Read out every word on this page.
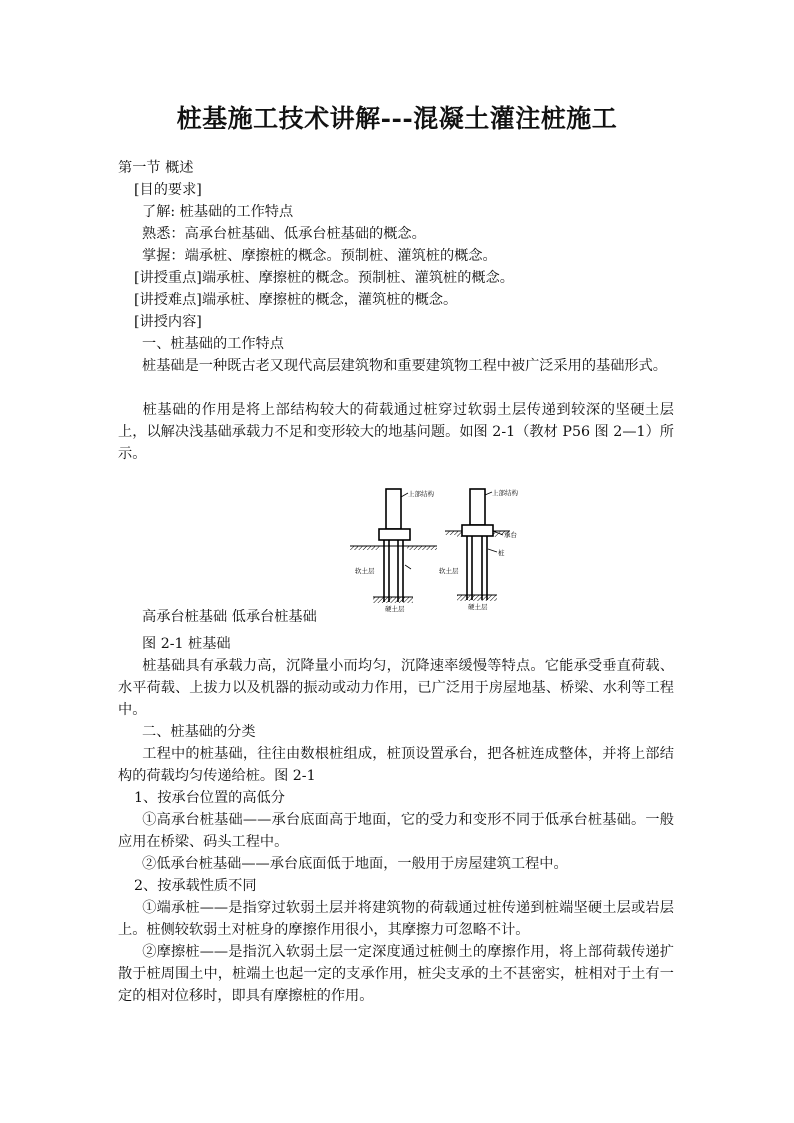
桩基施工技术讲解---混凝土灌注桩施工
第一节 概述
[目的要求]
了解: 桩基础的工作特点
熟悉：高承台桩基础、低承台桩基础的概念。
掌握：端承桩、摩擦桩的概念。预制桩、灌筑桩的概念。
[讲授重点]端承桩、摩擦桩的概念。预制桩、灌筑桩的概念。
[讲授难点]端承桩、摩擦桩的概念，灌筑桩的概念。
[讲授内容]
一、桩基础的工作特点
桩基础是一种既古老又现代高层建筑物和重要建筑物工程中被广泛采用的基础形式。
桩基础的作用是将上部结构较大的荷载通过桩穿过软弱土层传递到较深的坚硬土层上，以解决浅基础承载力不足和变形较大的地基问题。如图 2-1（教材 P56 图 2—1）所示。
上部结构
软土层
硬土层
上部结构
承台
桩
软土层
硬土层
高承台桩基础 低承台桩基础
图 2-1 桩基础
桩基础具有承载力高，沉降量小而均匀，沉降速率缓慢等特点。它能承受垂直荷载、水平荷载、上拔力以及机器的振动或动力作用，已广泛用于房屋地基、桥梁、水利等工程中。
二、桩基础的分类
工程中的桩基础，往往由数根桩组成，桩顶设置承台，把各桩连成整体，并将上部结构的荷载均匀传递给桩。图 2-1
1、按承台位置的高低分
①高承台桩基础——承台底面高于地面，它的受力和变形不同于低承台桩基础。一般应用在桥梁、码头工程中。
②低承台桩基础——承台底面低于地面，一般用于房屋建筑工程中。
2、按承载性质不同
①端承桩——是指穿过软弱土层并将建筑物的荷载通过桩传递到桩端坚硬土层或岩层上。桩侧较软弱土对桩身的摩擦作用很小，其摩擦力可忽略不计。
②摩擦桩——是指沉入软弱土层一定深度通过桩侧土的摩擦作用，将上部荷载传递扩散于桩周围土中，桩端土也起一定的支承作用，桩尖支承的土不甚密实，桩相对于土有一定的相对位移时，即具有摩擦桩的作用。
